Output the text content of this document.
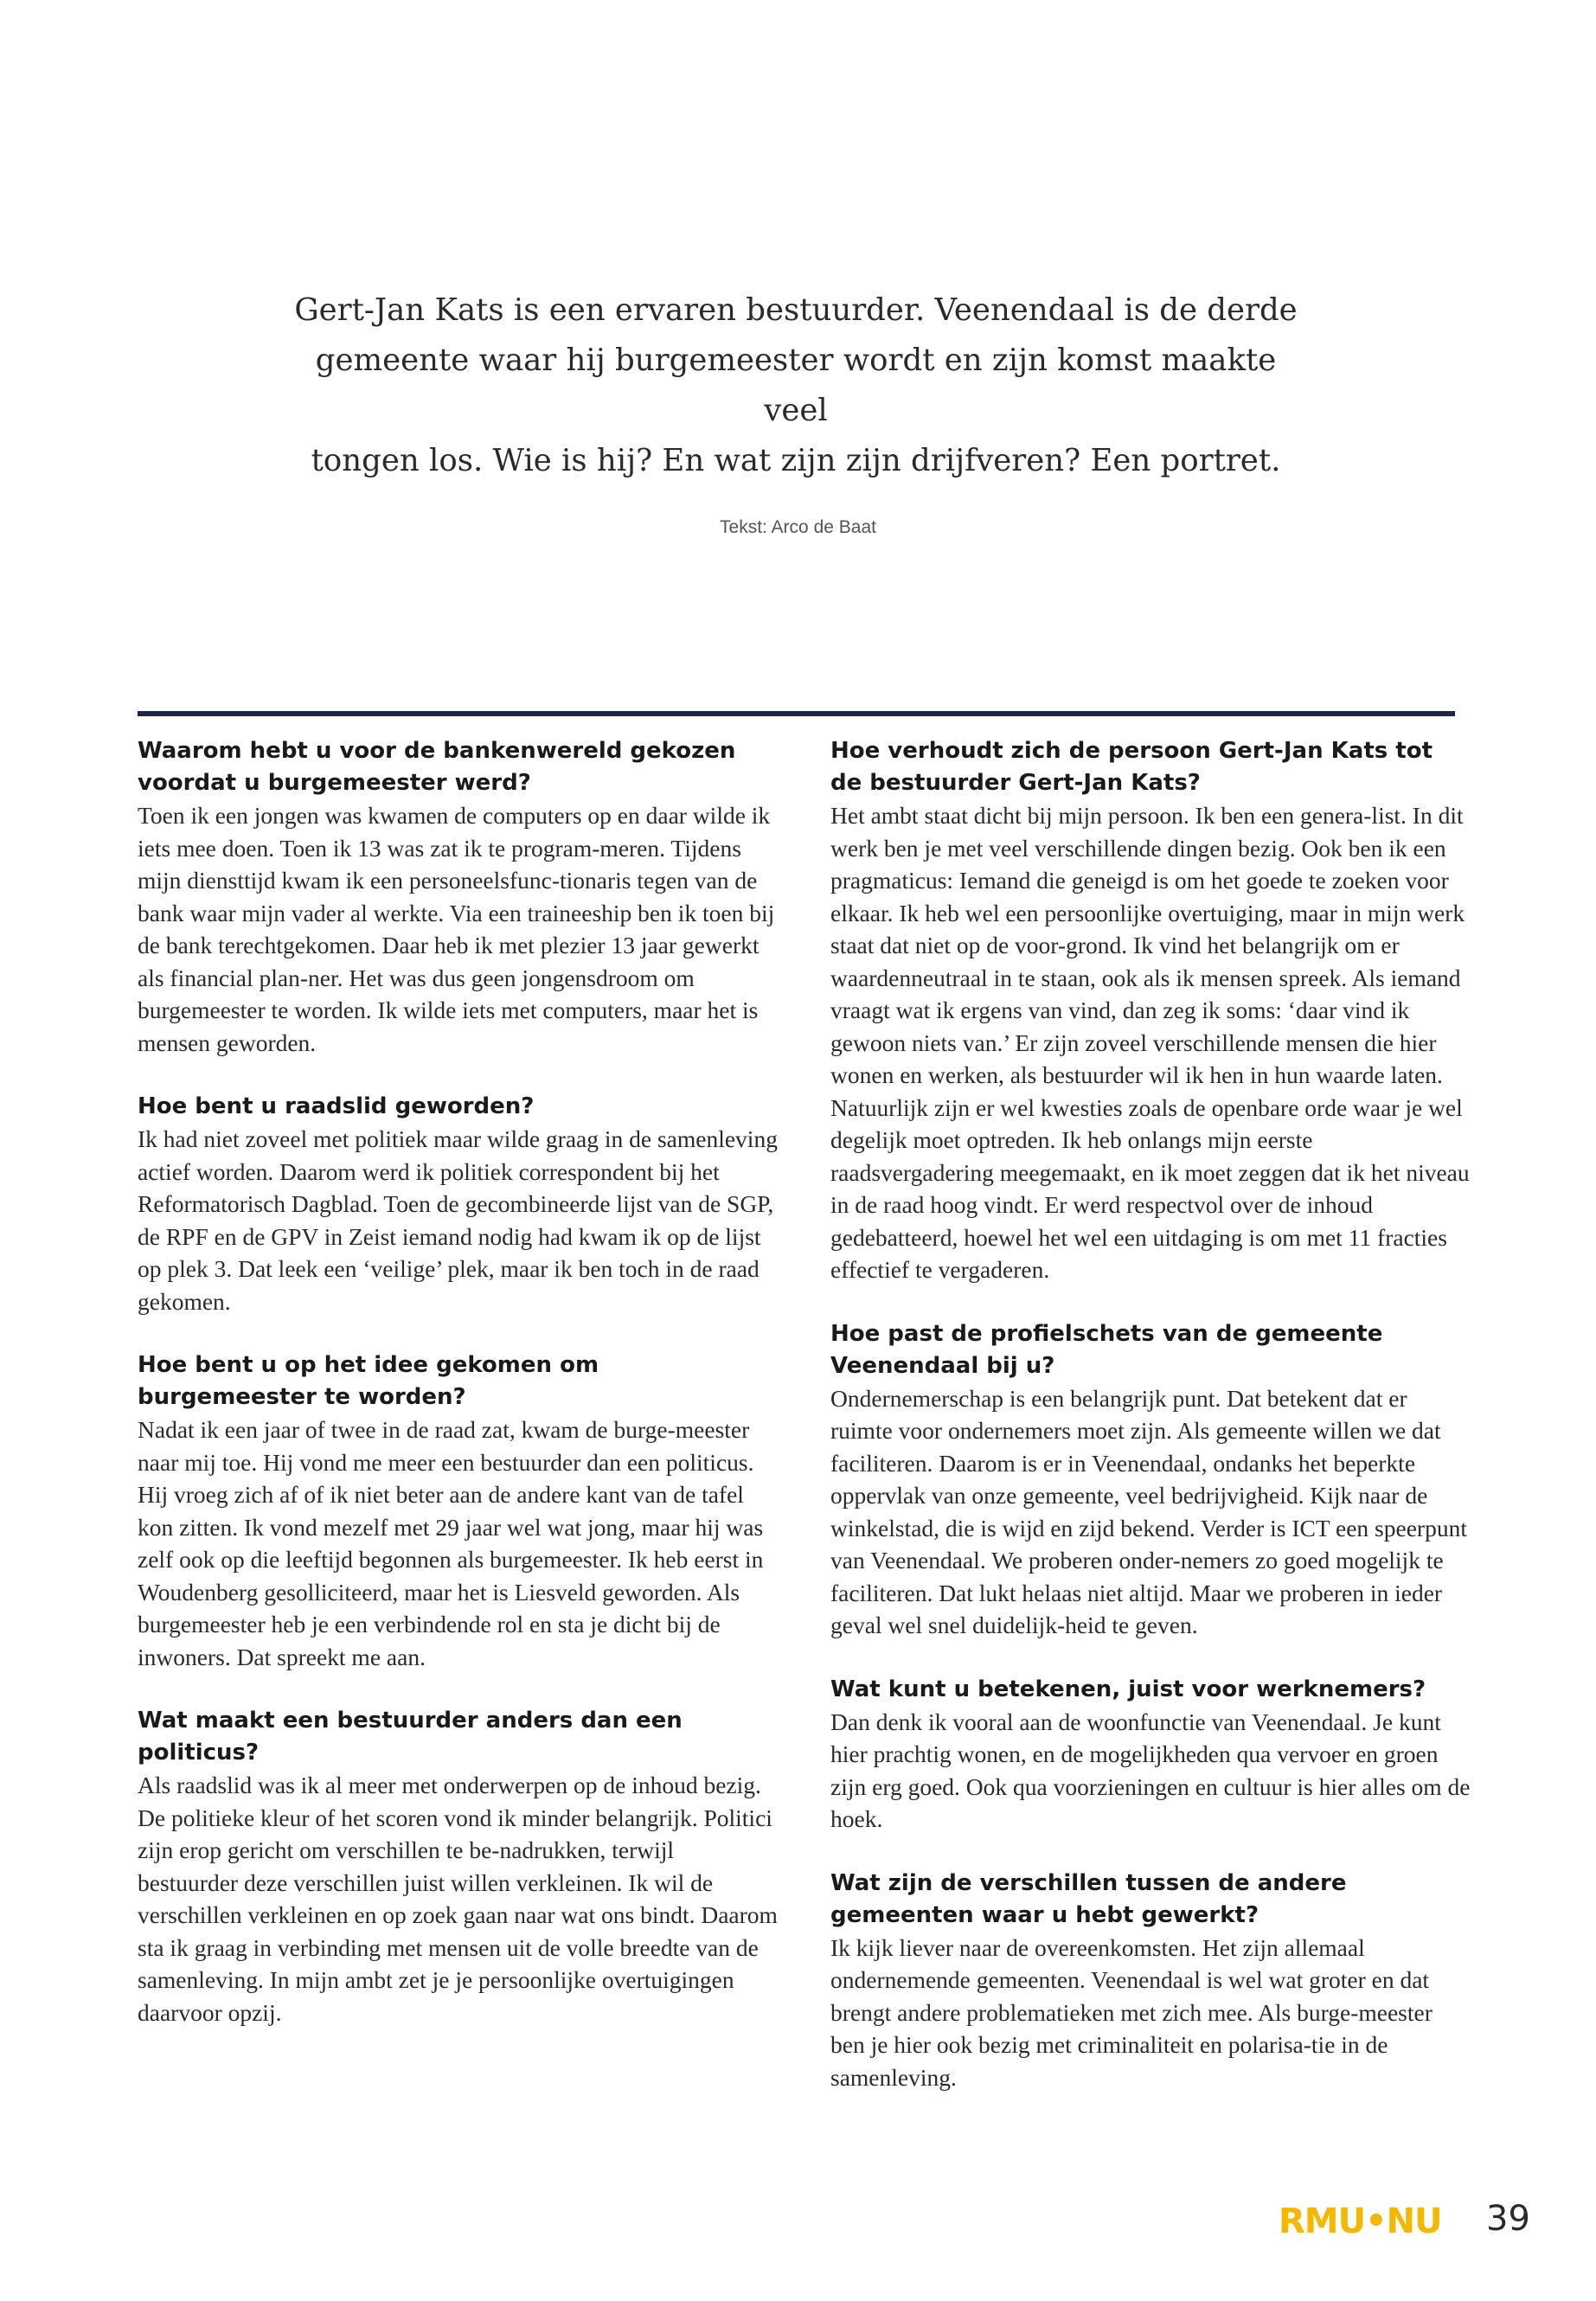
Gert-Jan Kats is een ervaren bestuurder. Veenendaal is de derde
gemeente waar hij burgemeester wordt en zijn komst maakte veel
tongen los. Wie is hij? En wat zijn zijn drijfveren? Een portret.
Tekst: Arco de Baat

Waarom hebt u voor de bankenwereld gekozen voordat u burgemeester werd?

Toen ik een jongen was kwamen de computers op en daar wilde ik iets mee doen. Toen ik 13 was zat ik te program-meren. Tijdens mijn diensttijd kwam ik een personeelsfunc-tionaris tegen van de bank waar mijn vader al werkte. Via een traineeship ben ik toen bij de bank terechtgekomen. Daar heb ik met plezier 13 jaar gewerkt als financial plan-ner. Het was dus geen jongensdroom om burgemeester te worden. Ik wilde iets met computers, maar het is mensen geworden.

Hoe bent u raadslid geworden?

Ik had niet zoveel met politiek maar wilde graag in de samenleving actief worden. Daarom werd ik politiek correspondent bij het Reformatorisch Dagblad. Toen de gecombineerde lijst van de SGP, de RPF en de GPV in Zeist iemand nodig had kwam ik op de lijst op plek 3. Dat leek een ‘veilige’ plek, maar ik ben toch in de raad gekomen.

Hoe bent u op het idee gekomen om burgemeester te worden?

Nadat ik een jaar of twee in de raad zat, kwam de burge-meester naar mij toe. Hij vond me meer een bestuurder dan een politicus. Hij vroeg zich af of ik niet beter aan de andere kant van de tafel kon zitten. Ik vond mezelf met 29 jaar wel wat jong, maar hij was zelf ook op die leeftijd begonnen als burgemeester. Ik heb eerst in Woudenberg gesolliciteerd, maar het is Liesveld geworden. Als burgemeester heb je een verbindende rol en sta je dicht bij de inwoners. Dat spreekt me aan.

Wat maakt een bestuurder anders dan een politicus?

Als raadslid was ik al meer met onderwerpen op de inhoud bezig. De politieke kleur of het scoren vond ik minder belangrijk. Politici zijn erop gericht om verschillen te be-nadrukken, terwijl bestuurder deze verschillen juist willen verkleinen. Ik wil de verschillen verkleinen en op zoek gaan naar wat ons bindt. Daarom sta ik graag in verbinding met mensen uit de volle breedte van de samenleving. In mijn ambt zet je je persoonlijke overtuigingen daarvoor opzij.

Hoe verhoudt zich de persoon Gert-Jan Kats tot de bestuurder Gert-Jan Kats?

Het ambt staat dicht bij mijn persoon. Ik ben een genera-list. In dit werk ben je met veel verschillende dingen bezig. Ook ben ik een pragmaticus: Iemand die geneigd is om het goede te zoeken voor elkaar. Ik heb wel een persoonlijke overtuiging, maar in mijn werk staat dat niet op de voor-grond. Ik vind het belangrijk om er waardenneutraal in te staan, ook als ik mensen spreek. Als iemand vraagt wat ik ergens van vind, dan zeg ik soms: ‘daar vind ik gewoon niets van.’ Er zijn zoveel verschillende mensen die hier wonen en werken, als bestuurder wil ik hen in hun waarde laten. Natuurlijk zijn er wel kwesties zoals de openbare orde waar je wel degelijk moet optreden. Ik heb onlangs mijn eerste raadsvergadering meegemaakt, en ik moet zeggen dat ik het niveau in de raad hoog vindt. Er werd respectvol over de inhoud gedebatteerd, hoewel het wel een uitdaging is om met 11 fracties effectief te vergaderen.

Hoe past de profielschets van de gemeente Veenendaal bij u?

Ondernemerschap is een belangrijk punt. Dat betekent dat er ruimte voor ondernemers moet zijn. Als gemeente willen we dat faciliteren. Daarom is er in Veenendaal, ondanks het beperkte oppervlak van onze gemeente, veel bedrijvigheid. Kijk naar de winkelstad, die is wijd en zijd bekend. Verder is ICT een speerpunt van Veenendaal. We proberen onder-nemers zo goed mogelijk te faciliteren. Dat lukt helaas niet altijd. Maar we proberen in ieder geval wel snel duidelijk-heid te geven.

Wat kunt u betekenen, juist voor werknemers?

Dan denk ik vooral aan de woonfunctie van Veenendaal. Je kunt hier prachtig wonen, en de mogelijkheden qua vervoer en groen zijn erg goed. Ook qua voorzieningen en cultuur is hier alles om de hoek.

Wat zijn de verschillen tussen de andere gemeenten waar u hebt gewerkt?

Ik kijk liever naar de overeenkomsten. Het zijn allemaal ondernemende gemeenten. Veenendaal is wel wat groter en dat brengt andere problematieken met zich mee. Als burge-meester ben je hier ook bezig met criminaliteit en polarisa-tie in de samenleving.

RMU•NU 39
